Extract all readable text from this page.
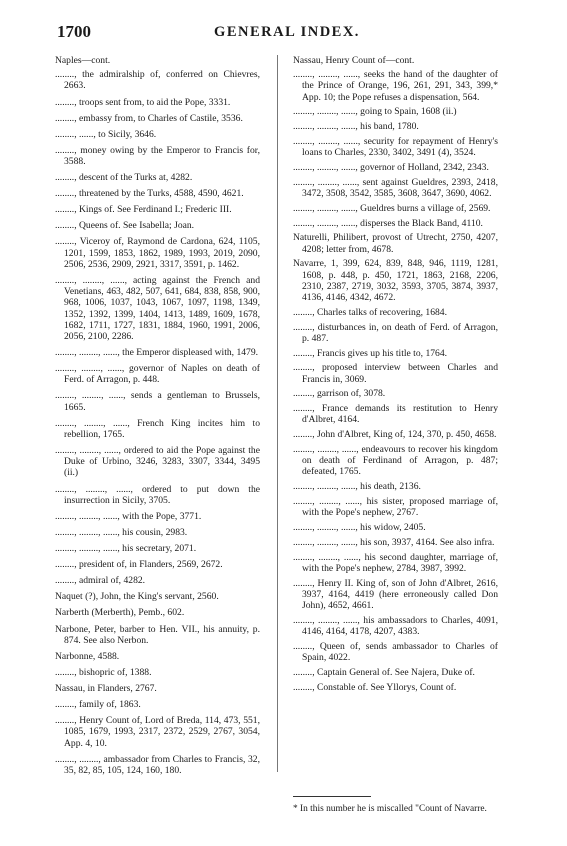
1700	GENERAL INDEX.

Naples—cont.

........, the admiralship of, conferred on Chievres, 2663.

........, troops sent from, to aid the Pope, 3331.

........, embassy from, to Charles of Castile, 3536.

........, ......, to Sicily, 3646.

........, money owing by the Emperor to Francis for, 3588.

........, descent of the Turks at, 4282.

........, threatened by the Turks, 4588, 4590, 4621.

........, Kings of. See Ferdinand I.; Frederic III.

........, Queens of. See Isabella; Joan.

........, Viceroy of, Raymond de Cardona, 624, 1105, 1201, 1599, 1853, 1862, 1989, 1993, 2019, 2090, 2506, 2536, 2909, 2921, 3317, 3591, p. 1462.

........, ........, ......, acting against the French and Venetians, 463, 482, 507, 641, 684, 838, 858, 900, 968, 1006, 1037, 1043, 1067, 1097, 1198, 1349, 1352, 1392, 1399, 1404, 1413, 1489, 1609, 1678, 1682, 1711, 1727, 1831, 1884, 1960, 1991, 2006, 2056, 2100, 2286.

........, ........, ......, the Emperor displeased with, 1479.

........, ........, ......, governor of Naples on death of Ferd. of Arragon, p. 448.

........, ........, ......, sends a gentleman to Brussels, 1665.

........, ........, ......, French King incites him to rebellion, 1765.

........, ........, ......, ordered to aid the Pope against the Duke of Urbino, 3246, 3283, 3307, 3344, 3495 (ii.)

........, ........, ......, ordered to put down the insurrection in Sicily, 3705.

........, ........, ......, with the Pope, 3771.

........, ........, ......, his cousin, 2983.

........, ........, ......, his secretary, 2071.

........, president of, in Flanders, 2569, 2672.

........, admiral of, 4282.

Naquet (?), John, the King's servant, 2560.

Narberth (Merberth), Pemb., 602.

Narbone, Peter, barber to Hen. VII., his annuity, p. 874. See also Nerbon.

Narbonne, 4588.

........, bishopric of, 1388.

Nassau, in Flanders, 2767.

........, family of, 1863.

........, Henry Count of, Lord of Breda, 114, 473, 551, 1085, 1679, 1993, 2317, 2372, 2529, 2767, 3054, App. 4, 10.

........, ........, ambassador from Charles to Francis, 32, 35, 82, 85, 105, 124, 160, 180.

Nassau, Henry Count of—cont.

........, ........, ......, seeks the hand of the daughter of the Prince of Orange, 196, 261, 291, 343, 399,* App. 10; the Pope refuses a dispensation, 564.

........, ........, ......, going to Spain, 1608 (ii.)

........, ........, ......, his band, 1780.

........, ........, ......, security for repayment of Henry's loans to Charles, 2330, 3402, 3491 (4), 3524.

........, ........, ......, governor of Holland, 2342, 2343.

........, ........, ......, sent against Gueldres, 2393, 2418, 3472, 3508, 3542, 3585, 3608, 3647, 3690, 4062.

........, ........, ......, Gueldres burns a village of, 2569.

........, ........, ......, disperses the Black Band, 4110.

Naturelli, Philibert, provost of Utrecht, 2750, 4207, 4208; letter from, 4678.

Navarre, 1, 399, 624, 839, 848, 946, 1119, 1281, 1608, p. 448, p. 450, 1721, 1863, 2168, 2206, 2310, 2387, 2719, 3032, 3593, 3705, 3874, 3937, 4136, 4146, 4342, 4672.

........, Charles talks of recovering, 1684.

........, disturbances in, on death of Ferd. of Arragon, p. 487.

........, Francis gives up his title to, 1764.

........, proposed interview between Charles and Francis in, 3069.

........, garrison of, 3078.

........, France demands its restitution to Henry d'Albret, 4164.

........, John d'Albret, King of, 124, 370, p. 450, 4658.

........, ........, ......, endeavours to recover his kingdom on death of Ferdinand of Arragon, p. 487; defeated, 1765.

........, ........, ......, his death, 2136.

........, ........, ......, his sister, proposed marriage of, with the Pope's nephew, 2767.

........, ........, ......, his widow, 2405.

........, ........, ......, his son, 3937, 4164. See also infra.

........, ........, ......, his second daughter, marriage of, with the Pope's nephew, 2784, 3987, 3992.

........, Henry II. King of, son of John d'Albret, 2616, 3937, 4164, 4419 (here erroneously called Don John), 4652, 4661.

........, ........, ......, his ambassadors to Charles, 4091, 4146, 4164, 4178, 4207, 4383.

........, Queen of, sends ambassador to Charles of Spain, 4022.

........, Captain General of. See Najera, Duke of.

........, Constable of. See Yllorys, Count of.

* In this number he is miscalled "Count of Navarre.
